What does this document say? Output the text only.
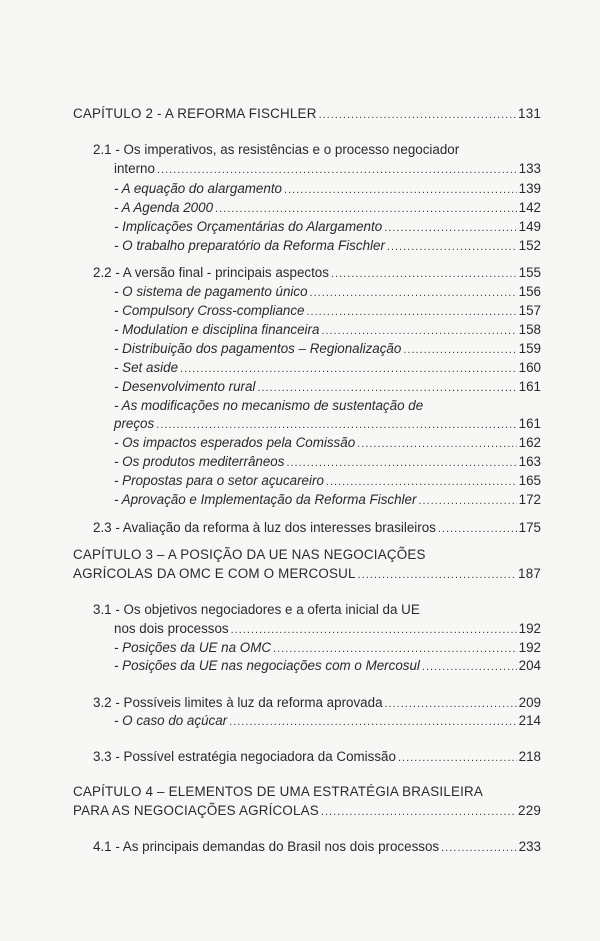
CAPÍTULO 2 - A REFORMA FISCHLER .....	131
2.1 - Os imperativos, as resistências e o processo negociador
interno .....	133
- A equação do alargamento .....	139
- A Agenda 2000 .....	142
- Implicações Orçamentárias do Alargamento .....	149
- O trabalho preparatório da Reforma Fischler .....	152
2.2 - A versão final - principais aspectos .....	155
- O sistema de pagamento único .....	156
- Compulsory Cross-compliance .....	157
- Modulation e disciplina financeira .....	158
- Distribuição dos pagamentos – Regionalização .....	159
- Set aside .....	160
- Desenvolvimento rural .....	161
- As modificações no mecanismo de sustentação de
preços .....	161
- Os impactos esperados pela Comissão .....	162
- Os produtos mediterrâneos .....	163
- Propostas para o setor açucareiro .....	165
- Aprovação e Implementação da Reforma Fischler .....	172
2.3 - Avaliação da reforma à luz dos interesses brasileiros .....	175
CAPÍTULO 3 – A POSIÇÃO DA UE NAS NEGOCIAÇÕES
AGRÍCOLAS DA OMC E COM O MERCOSUL .....	187
3.1 - Os objetivos negociadores e a oferta inicial da UE
nos dois processos .....	192
- Posições da UE na OMC .....	192
- Posições da UE nas negociações com o Mercosul .....	204
3.2 - Possíveis limites à luz da reforma aprovada .....	209
- O caso do açúcar .....	214
3.3 - Possível estratégia negociadora da Comissão .....	218
CAPÍTULO 4 – ELEMENTOS DE UMA ESTRATÉGIA BRASILEIRA
PARA AS NEGOCIAÇÕES AGRÍCOLAS .....	229
4.1 - As principais demandas do Brasil nos dois processos .....	233
